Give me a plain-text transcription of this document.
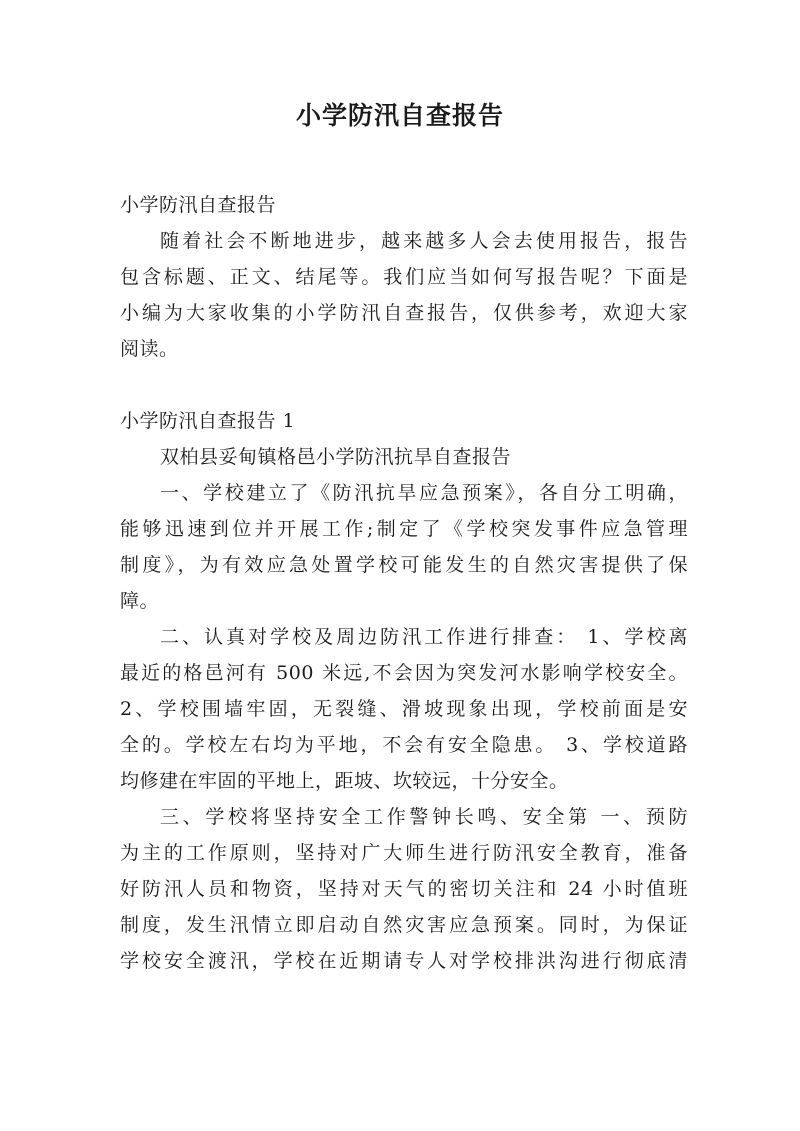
小学防汛自查报告
小学防汛自查报告
随着社会不断地进步，越来越多人会去使用报告，报告
包含标题、正文、结尾等。我们应当如何写报告呢？下面是
小编为大家收集的小学防汛自查报告，仅供参考，欢迎大家
阅读。
小学防汛自查报告 1
双柏县妥甸镇格邑小学防汛抗旱自查报告
一、学校建立了《防汛抗旱应急预案》，各自分工明确，
能够迅速到位并开展工作;制定了《学校突发事件应急管理
制度》，为有效应急处置学校可能发生的自然灾害提供了保
障。
二、认真对学校及周边防汛工作进行排查： 1、学校离
最近的格邑河有 500 米远,不会因为突发河水影响学校安全。
2、学校围墙牢固，无裂缝、滑坡现象出现，学校前面是安
全的。学校左右均为平地，不会有安全隐患。 3、学校道路
均修建在牢固的平地上，距坡、坎较远，十分安全。
三、学校将坚持安全工作警钟长鸣、安全第 一、预防
为主的工作原则，坚持对广大师生进行防汛安全教育，准备
好防汛人员和物资，坚持对天气的密切关注和 24 小时值班
制度，发生汛情立即启动自然灾害应急预案。同时，为保证
学校安全渡汛，学校在近期请专人对学校排洪沟进行彻底清
